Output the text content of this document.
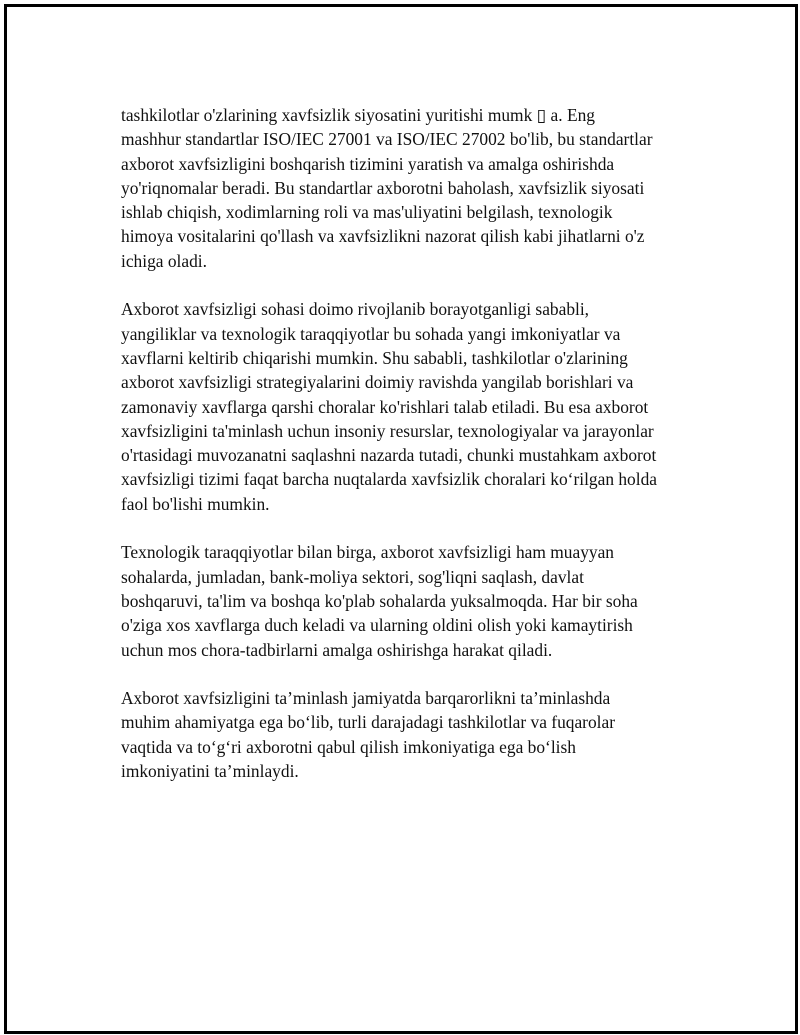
tashkilotlar o'zlarining xavfsizlik siyosatini yuritishi mumk ▯ a. Eng
mashhur standartlar ISO/IEC 27001 va ISO/IEC 27002 bo'lib, bu standartlar
axborot xavfsizligini boshqarish tizimini yaratish va amalga oshirishda
yo'riqnomalar beradi. Bu standartlar axborotni baholash, xavfsizlik siyosati
ishlab chiqish, xodimlarning roli va mas'uliyatini belgilash, texnologik
himoya vositalarini qo'llash va xavfsizlikni nazorat qilish kabi jihatlarni o'z
ichiga oladi.

Axborot xavfsizligi sohasi doimo rivojlanib borayotganligi sababli,
yangiliklar va texnologik taraqqiyotlar bu sohada yangi imkoniyatlar va
xavflarni keltirib chiqarishi mumkin. Shu sababli, tashkilotlar o'zlarining
axborot xavfsizligi strategiyalarini doimiy ravishda yangilab borishlari va
zamonaviy xavflarga qarshi choralar ko'rishlari talab etiladi. Bu esa axborot
xavfsizligini ta'minlash uchun insoniy resurslar, texnologiyalar va jarayonlar
o'rtasidagi muvozanatni saqlashni nazarda tutadi, chunki mustahkam axborot
xavfsizligi tizimi faqat barcha nuqtalarda xavfsizlik choralari ko‘rilgan holda
faol bo'lishi mumkin.

Texnologik taraqqiyotlar bilan birga, axborot xavfsizligi ham muayyan
sohalarda, jumladan, bank-moliya sektori, sog'liqni saqlash, davlat
boshqaruvi, ta'lim va boshqa ko'plab sohalarda yuksalmoqda. Har bir soha
o'ziga xos xavflarga duch keladi va ularning oldini olish yoki kamaytirish
uchun mos chora-tadbirlarni amalga oshirishga harakat qiladi.

Axborot xavfsizligini ta’minlash jamiyatda barqarorlikni ta’minlashda
muhim ahamiyatga ega bo‘lib, turli darajadagi tashkilotlar va fuqarolar
vaqtida va to‘g‘ri axborotni qabul qilish imkoniyatiga ega bo‘lish
imkoniyatini ta’minlaydi.
